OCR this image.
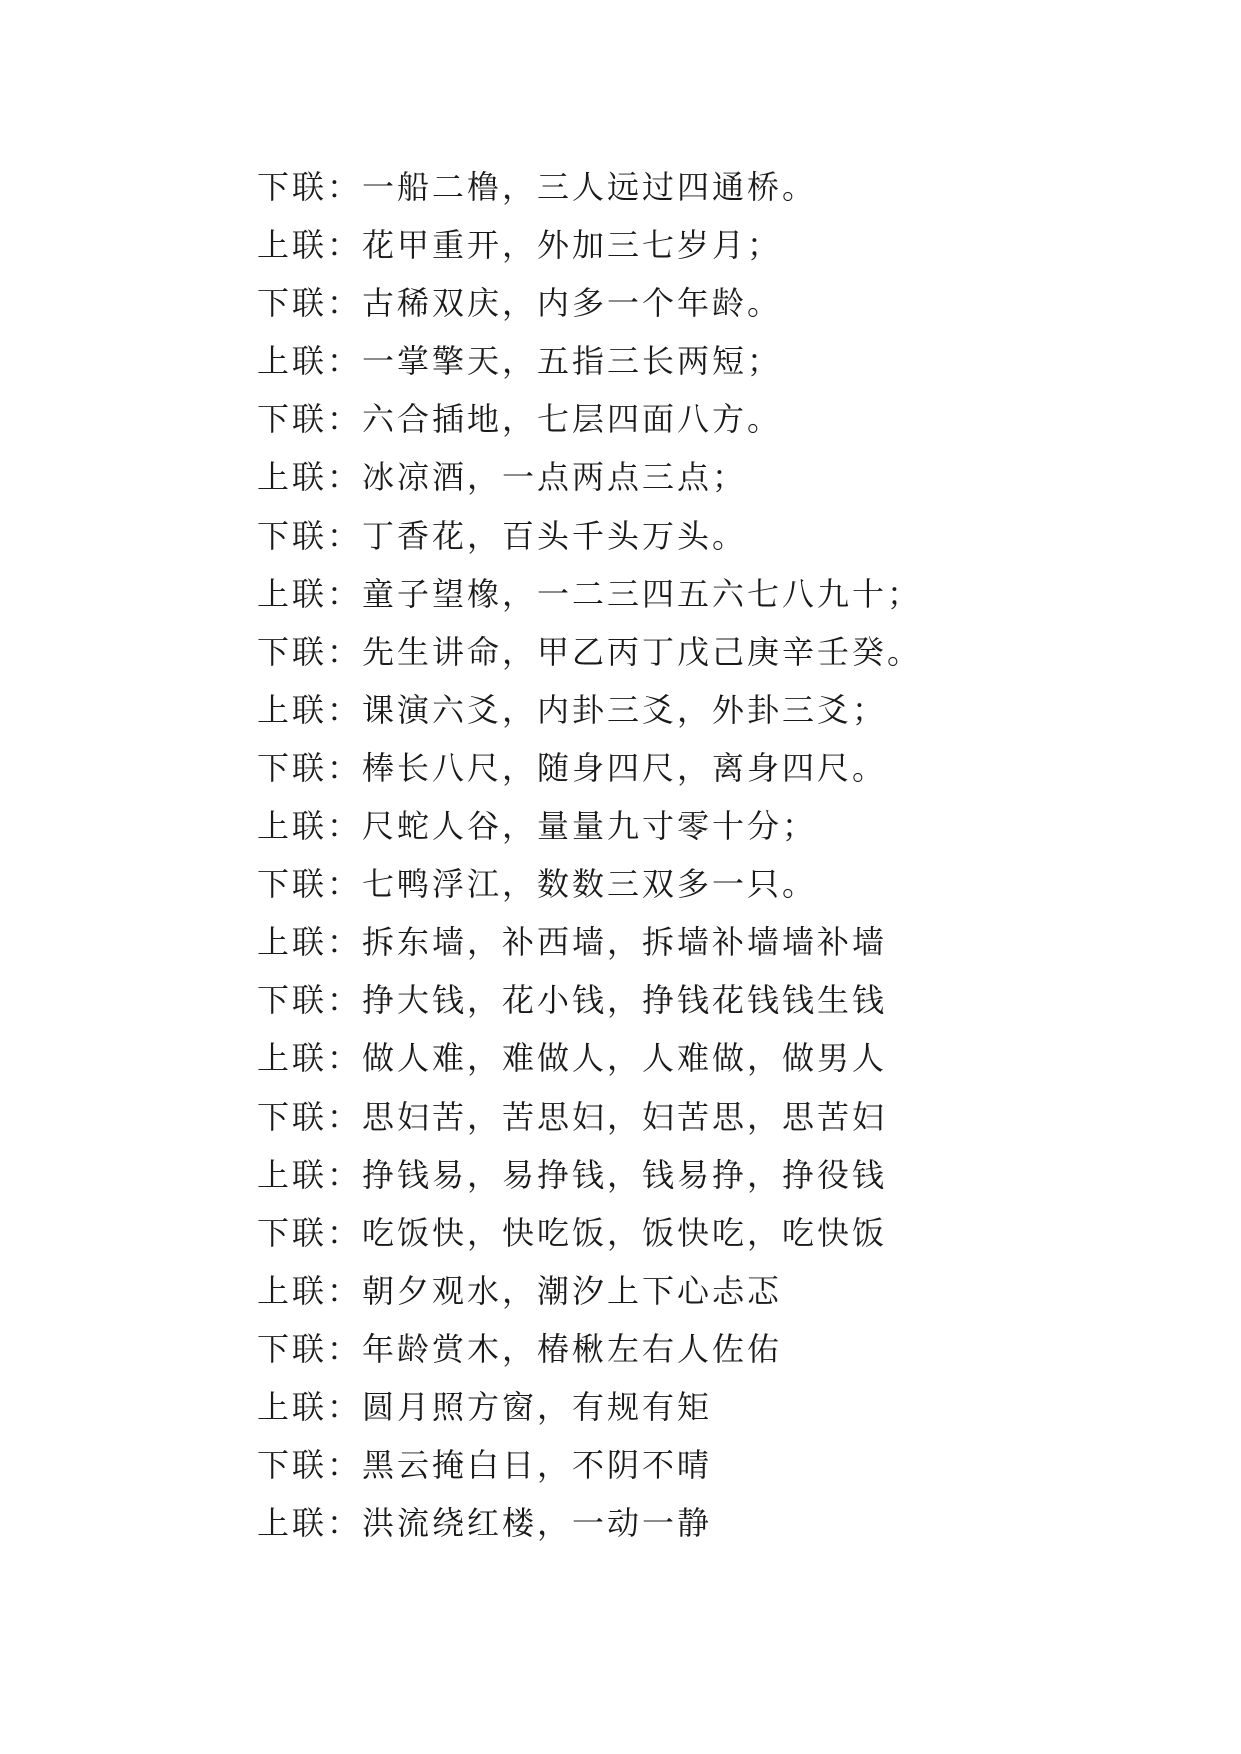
下联：一船二橹，三人远过四通桥。
上联：花甲重开，外加三七岁月；
下联：古稀双庆，内多一个年龄。
上联：一掌擎天，五指三长两短；
下联：六合插地，七层四面八方。
上联：冰凉酒，一点两点三点；
下联：丁香花，百头千头万头。
上联：童子望橡，一二三四五六七八九十；
下联：先生讲命，甲乙丙丁戊己庚辛壬癸。
上联：课演六爻，内卦三爻，外卦三爻；
下联：棒长八尺，随身四尺，离身四尺。
上联：尺蛇人谷，量量九寸零十分；
下联：七鸭浮江，数数三双多一只。
上联：拆东墙，补西墙，拆墙补墙墙补墙
下联：挣大钱，花小钱，挣钱花钱钱生钱
上联：做人难，难做人，人难做，做男人
下联：思妇苦，苦思妇，妇苦思，思苦妇
上联：挣钱易，易挣钱，钱易挣，挣役钱
下联：吃饭快，快吃饭，饭快吃，吃快饭
上联：朝夕观水，潮汐上下心忐忑
下联：年龄赏木，椿楸左右人佐佑
上联：圆月照方窗，有规有矩
下联：黑云掩白日，不阴不晴
上联：洪流绕红楼，一动一静
